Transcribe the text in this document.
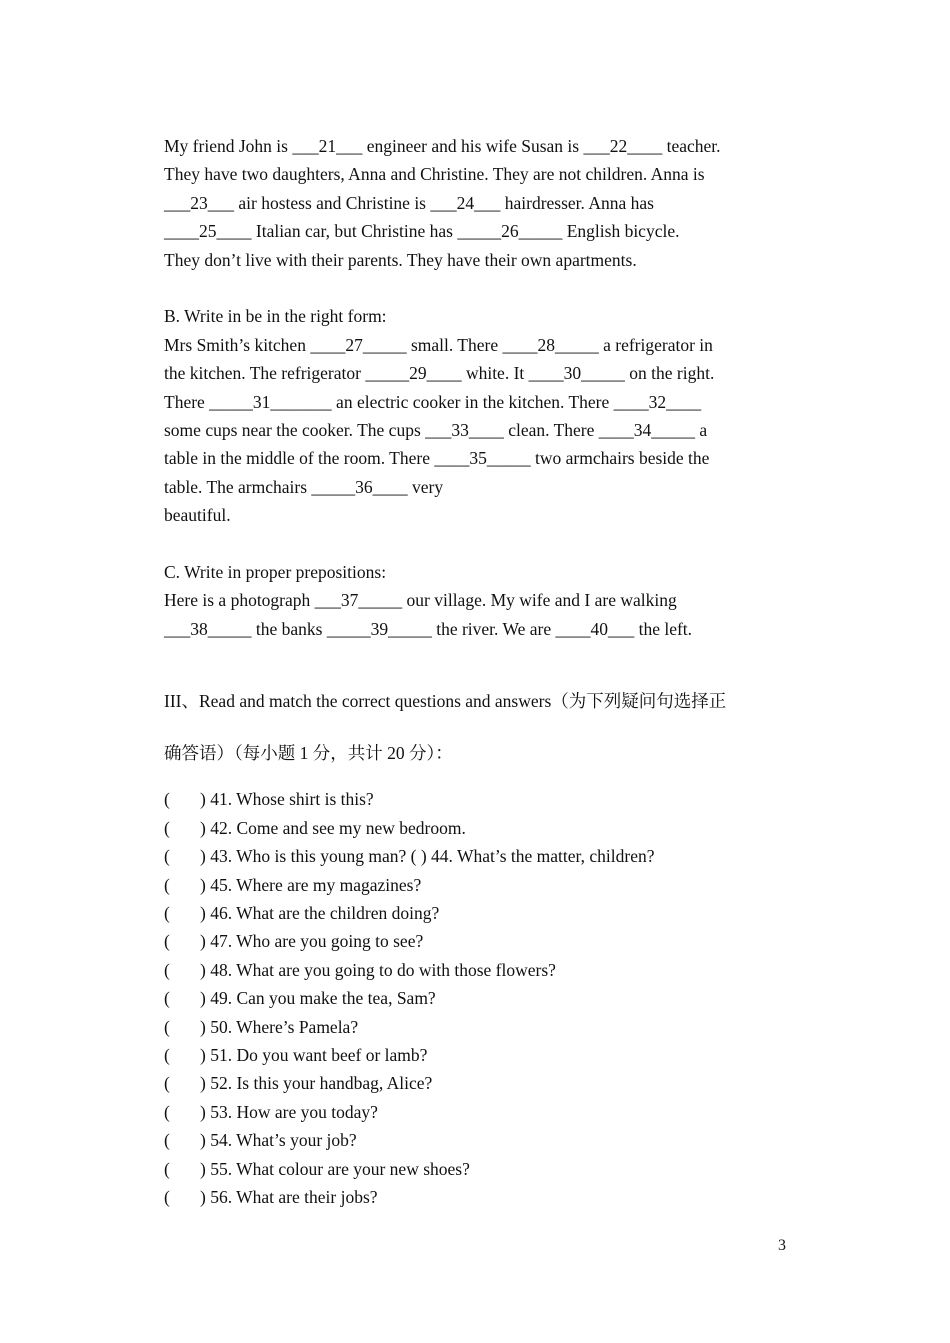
My friend John is ___21___ engineer and his wife Susan is ___22____ teacher.
They have two daughters, Anna and Christine. They are not children. Anna is
___23___ air hostess and Christine is ___24___ hairdresser. Anna has
____25____ Italian car, but Christine has _____26_____ English bicycle.
They don’t live with their parents. They have their own apartments.
B. Write in be in the right form:
Mrs Smith’s kitchen ____27_____ small. There ____28_____ a refrigerator in
the kitchen. The refrigerator _____29____ white. It ____30_____ on the right.
There _____31_______ an electric cooker in the kitchen. There ____32____
some cups near the cooker. The cups ___33____ clean. There ____34_____ a
table in the middle of the room. There ____35_____ two armchairs beside the
table. The armchairs _____36____ very
beautiful.
C. Write in proper prepositions:
Here is a photograph ___37_____ our village. My wife and I are walking
___38_____ the banks _____39_____ the river. We are ____40___ the left.
III、Read and match the correct questions and answers（为下列疑问句选择正
确答语）（每小题 1 分，共计 20 分）：
(	) 41. Whose shirt is this?
(	) 42. Come and see my new bedroom.
(	) 43. Who is this young man? ( ) 44. What’s the matter, children?
(	) 45. Where are my magazines?
(	) 46. What are the children doing?
(	) 47. Who are you going to see?
(	) 48. What are you going to do with those flowers?
(	) 49. Can you make the tea, Sam?
(	) 50. Where’s Pamela?
(	) 51. Do you want beef or lamb?
(	) 52. Is this your handbag, Alice?
(	) 53. How are you today?
(	) 54. What’s your job?
(	) 55. What colour are your new shoes?
(	) 56. What are their jobs?
3
